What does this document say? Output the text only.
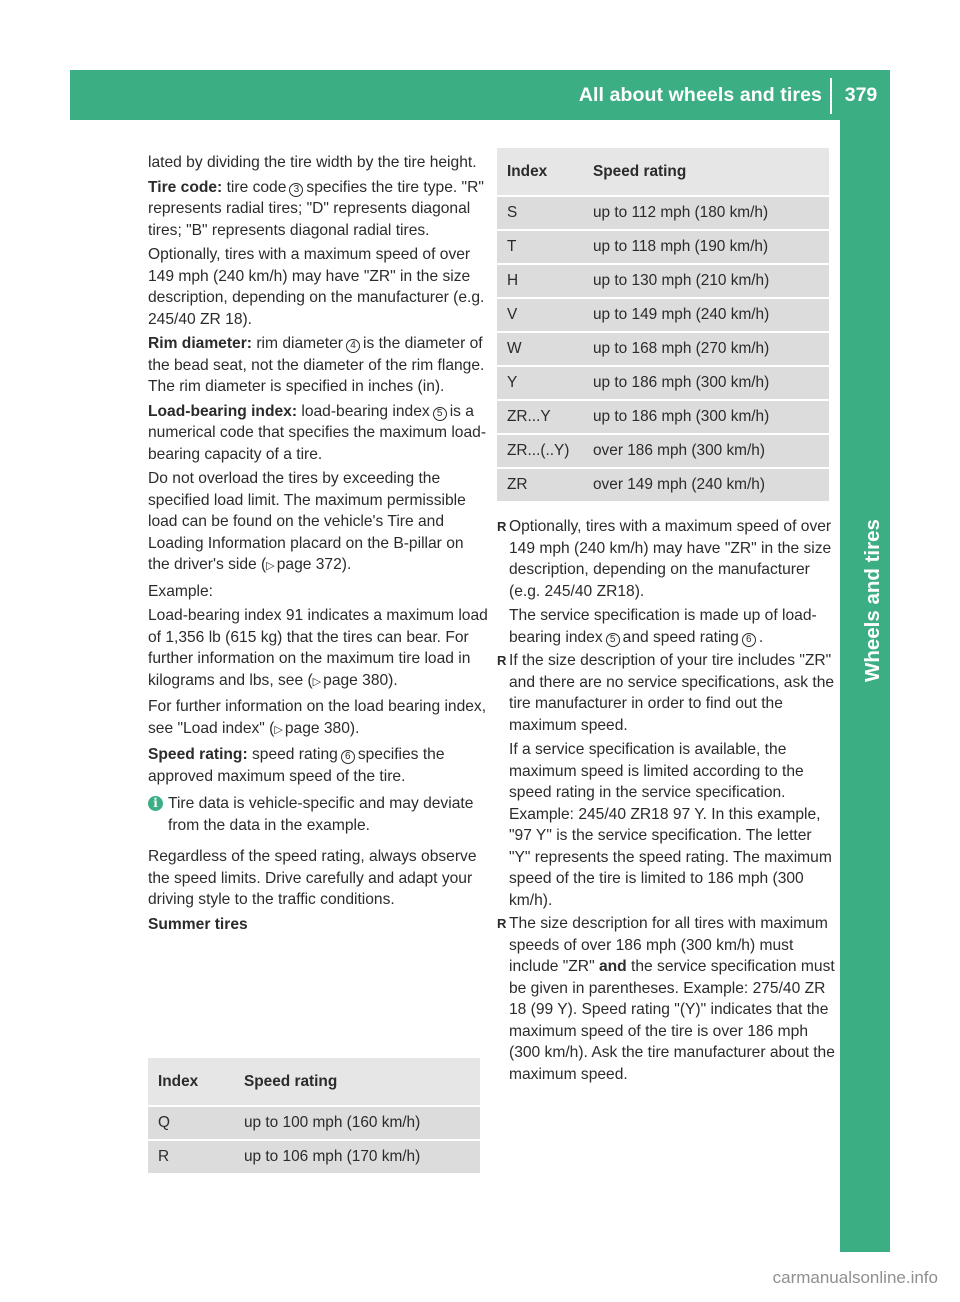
All about wheels and tires	379
Wheels and tires

lated by dividing the tire width by the tire height.

Tire code: tire code 3 specifies the tire type. "R" represents radial tires; "D" represents diagonal tires; "B" represents diagonal radial tires.

Optionally, tires with a maximum speed of over 149 mph (240 km/h) may have "ZR" in the size description, depending on the manufacturer (e.g. 245/40 ZR 18).

Rim diameter: rim diameter 4 is the diameter of the bead seat, not the diameter of the rim flange. The rim diameter is specified in inches (in).

Load-bearing index: load-bearing index 5 is a numerical code that specifies the maximum load-bearing capacity of a tire.

Do not overload the tires by exceeding the specified load limit. The maximum permissible load can be found on the vehicle's Tire and Loading Information placard on the B-pillar on the driver's side (▷ page 372).

Example:

Load-bearing index 91 indicates a maximum load of 1,356 lb (615 kg) that the tires can bear. For further information on the maximum tire load in kilograms and lbs, see (▷ page 380).

For further information on the load bearing index, see "Load index" (▷ page 380).

Speed rating: speed rating 6 specifies the approved maximum speed of the tire.

i Tire data is vehicle-specific and may deviate from the data in the example.

Regardless of the speed rating, always observe the speed limits. Drive carefully and adapt your driving style to the traffic conditions.

Summer tires

Index	Speed rating
Q	up to 100 mph (160 km/h)
R	up to 106 mph (170 km/h)
Index	Speed rating
S	up to 112 mph (180 km/h)
T	up to 118 mph (190 km/h)
H	up to 130 mph (210 km/h)
V	up to 149 mph (240 km/h)
W	up to 168 mph (270 km/h)
Y	up to 186 mph (300 km/h)
ZR...Y	up to 186 mph (300 km/h)
ZR...(..Y)	over 186 mph (300 km/h)
ZR	over 149 mph (240 km/h)
R Optionally, tires with a maximum speed of over 149 mph (240 km/h) may have "ZR" in the size description, depending on the manufacturer (e.g. 245/40 ZR18).

The service specification is made up of load-bearing index 5 and speed rating 6 .

R If the size description of your tire includes "ZR" and there are no service specifications, ask the tire manufacturer in order to find out the maximum speed.

If a service specification is available, the maximum speed is limited according to the speed rating in the service specification. Example: 245/40 ZR18 97 Y. In this example, "97 Y" is the service specification. The letter "Y" represents the speed rating. The maximum speed of the tire is limited to 186 mph (300 km/h).

R The size description for all tires with maximum speeds of over 186 mph (300 km/h) must include "ZR" and the service specification must be given in parentheses. Example: 275/40 ZR 18 (99 Y). Speed rating "(Y)" indicates that the maximum speed of the tire is over 186 mph (300 km/h). Ask the tire manufacturer about the maximum speed.

carmanualsonline.info
